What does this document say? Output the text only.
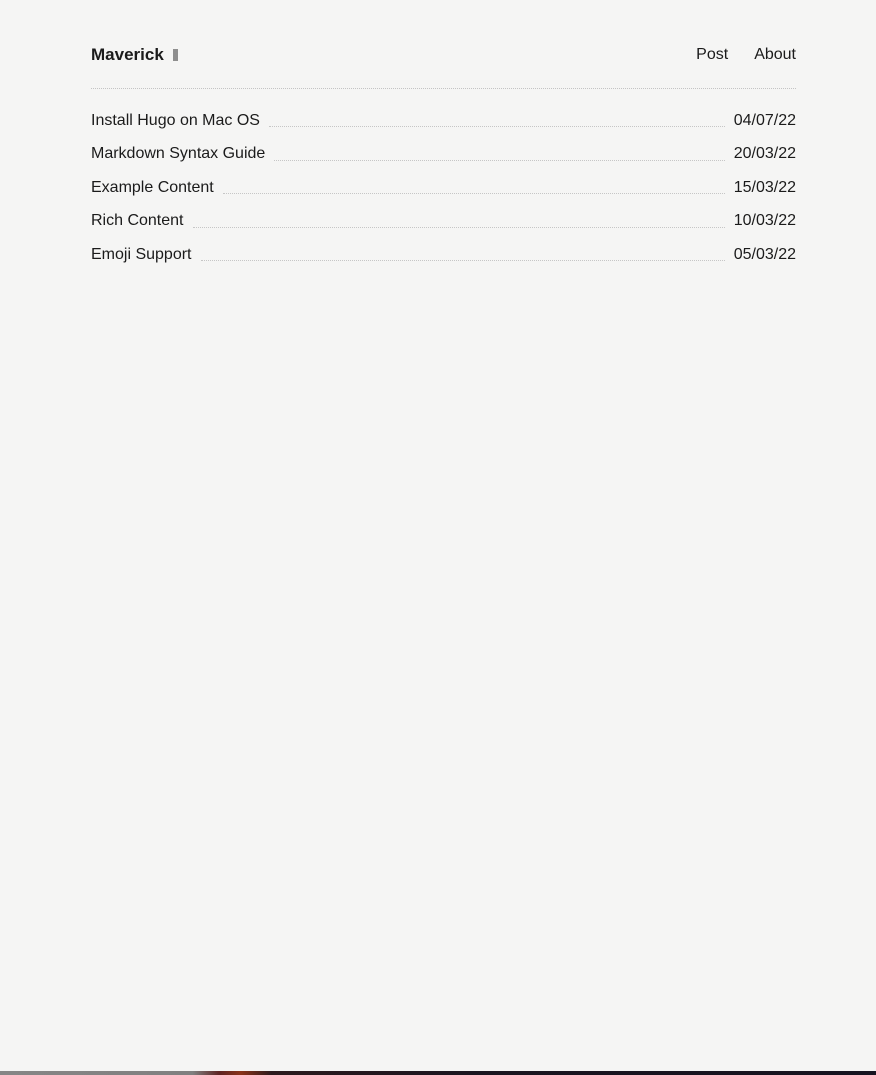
Maverick	Post About
Install Hugo on Mac OS	04/07/22
Markdown Syntax Guide	20/03/22
Example Content	15/03/22
Rich Content	10/03/22
Emoji Support	05/03/22
